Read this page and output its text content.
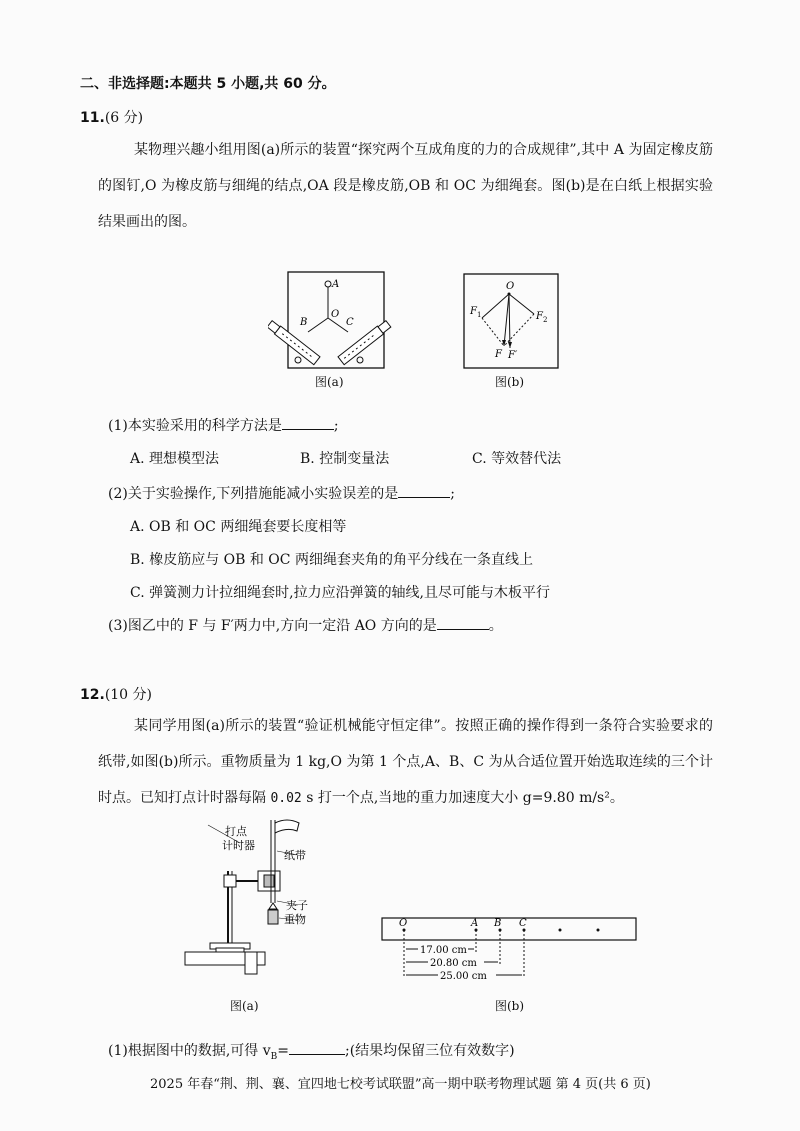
二、非选择题:本题共 5 小题,共 60 分。
11.(6 分)
某物理兴趣小组用图(a)所示的装置“探究两个互成角度的力的合成规律”,其中 A 为固定橡皮筋的图钉,O 为橡皮筋与细绳的结点,OA 段是橡皮筋,OB 和 OC 为细绳套。图(b)是在白纸上根据实验结果画出的图。
A
O
B	C
图(a)
O
F 1	F 2
F F′
图(b)
(1)本实验采用的科学方法是	;
A. 理想模型法	B. 控制变量法	C. 等效替代法
(2)关于实验操作,下列措施能减小实验误差的是	;
A. OB 和 OC 两细绳套要长度相等
B. 橡皮筋应与 OB 和 OC 两细绳套夹角的角平分线在一条直线上
C. 弹簧测力计拉细绳套时,拉力应沿弹簧的轴线,且尽可能与木板平行
(3)图乙中的 F 与 F′两力中,方向一定沿 AO 方向的是	。
12.(10 分)
某同学用图(a)所示的装置“验证机械能守恒定律”。按照正确的操作得到一条符合实验要求的纸带,如图(b)所示。重物质量为 1 kg,O 为第 1 个点,A、B、C 为从合适位置开始选取连续的三个计时点。已知打点计时器每隔 0.02 s 打一个点,当地的重力加速度大小 g=9.80 m/s²。
打点
计时器
纸带
夹子
重物
图(a)
O	A B C
17.00 cm
20.80 cm
25.00 cm
图(b)
(1)根据图中的数据,可得 $v_B=$	;(结果均保留三位有效数字)
2025 年春“荆、荆、襄、宜四地七校考试联盟”高一期中联考物理试题 第 4 页(共 6 页)
